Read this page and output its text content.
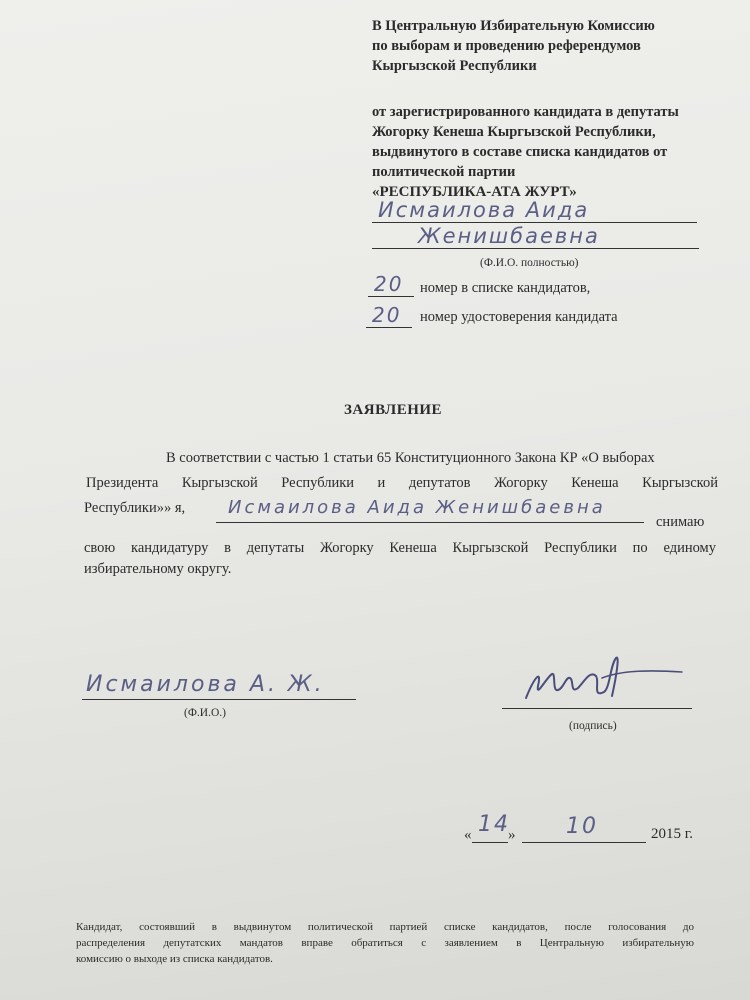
В Центральную Избирательную Комиссию
по выборам и проведению референдумов
Кыргызской Республики
от зарегистрированного кандидата в депутаты
Жогорку Кенеша Кыргызской Республики,
выдвинутого в составе списка кандидатов от
политической партии
«РЕСПУБЛИКА-АТА ЖУРТ»
Исмаилова Аида
Женишбаевна
(Ф.И.О. полностью)
20 номер в списке кандидатов,
20 номер удостоверения кандидата
ЗАЯВЛЕНИЕ
В соответствии с частью 1 статьи 65 Конституционного Закона КР «О выборах
Президента Кыргызской Республики и депутатов Жогорку Кенеша Кыргызской
Республики»» я, Исмаилова Аида Женишбаевна
снимаю
свою кандидатуру в депутаты Жогорку Кенеша Кыргызской Республики по единому
избирательному округу.
Исмаилова А. Ж.
(Ф.И.О.)
(подпись)
« 14
» 10	2015 г.
Кандидат, состоявший в выдвинутом политической партией списке кандидатов, после голосования до
распределения депутатских мандатов вправе обратиться с заявлением в Центральную избирательную
комиссию о выходе из списка кандидатов.
